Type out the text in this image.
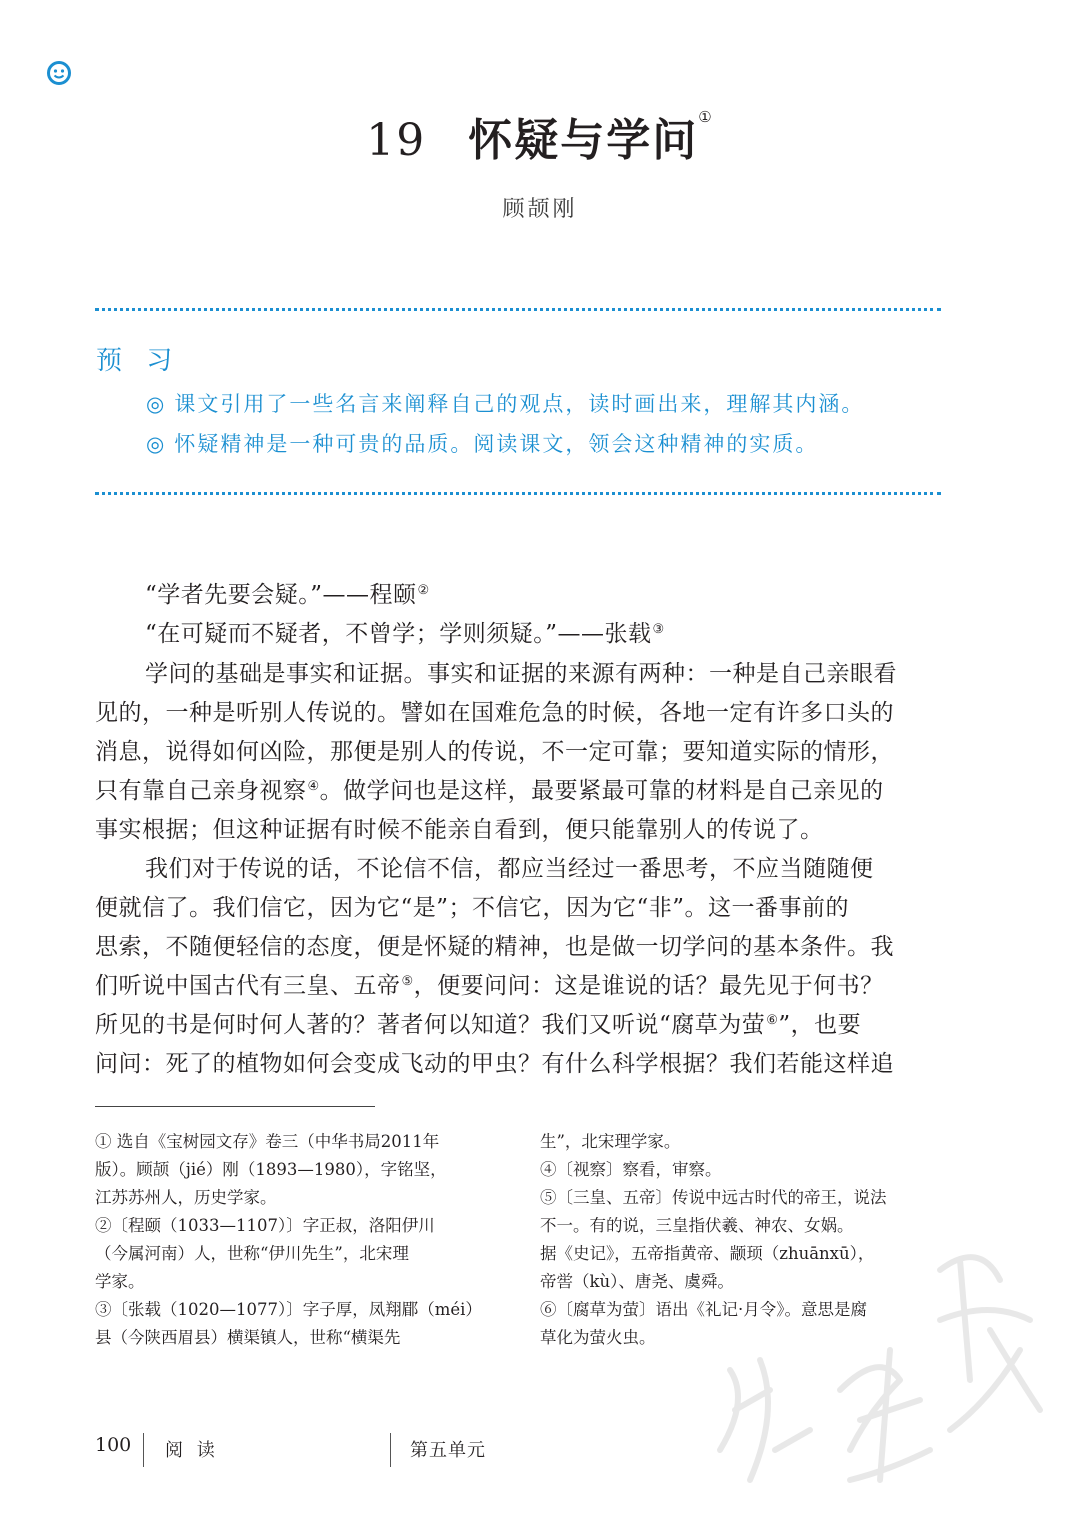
19 怀疑与学问①
顾颉刚
预 习
◎ 课文引用了一些名言来阐释自己的观点，读时画出来，理解其内涵。
◎ 怀疑精神是一种可贵的品质。阅读课文，领会这种精神的实质。
“学者先要会疑。”——程颐②
“在可疑而不疑者，不曾学；学则须疑。”——张载③
学问的基础是事实和证据。事实和证据的来源有两种：一种是自己亲眼看
见的，一种是听别人传说的。譬如在国难危急的时候，各地一定有许多口头的
消息，说得如何凶险，那便是别人的传说，不一定可靠；要知道实际的情形，
只有靠自己亲身视察④。做学问也是这样，最要紧最可靠的材料是自己亲见的
事实根据；但这种证据有时候不能亲自看到，便只能靠别人的传说了。
我们对于传说的话，不论信不信，都应当经过一番思考，不应当随随便
便就信了。我们信它，因为它“是”；不信它，因为它“非”。这一番事前的
思索，不随便轻信的态度，便是怀疑的精神，也是做一切学问的基本条件。我
们听说中国古代有三皇、五帝⑤，便要问问：这是谁说的话？最先见于何书？
所见的书是何时何人著的？著者何以知道？我们又听说“腐草为萤⑥”，也要
问问：死了的植物如何会变成飞动的甲虫？有什么科学根据？我们若能这样追
① 选自《宝树园文存》卷三（中华书局2011年
版）。顾颉（jié）刚（1893—1980），字铭坚，
江苏苏州人，历史学家。
②〔程颐（1033—1107）〕字正叔，洛阳伊川
（今属河南）人，世称“伊川先生”，北宋理
学家。
③〔张载（1020—1077）〕字子厚，凤翔郿（méi）
县（今陕西眉县）横渠镇人，世称“横渠先
生”，北宋理学家。
④〔视察〕察看，审察。
⑤〔三皇、五帝〕传说中远古时代的帝王，说法
不一。有的说，三皇指伏羲、神农、女娲。
据《史记》，五帝指黄帝、颛顼（zhuānxū），
帝喾（kù）、唐尧、虞舜。
⑥〔腐草为萤〕语出《礼记·月令》。意思是腐
草化为萤火虫。
100 阅 读	第五单元
